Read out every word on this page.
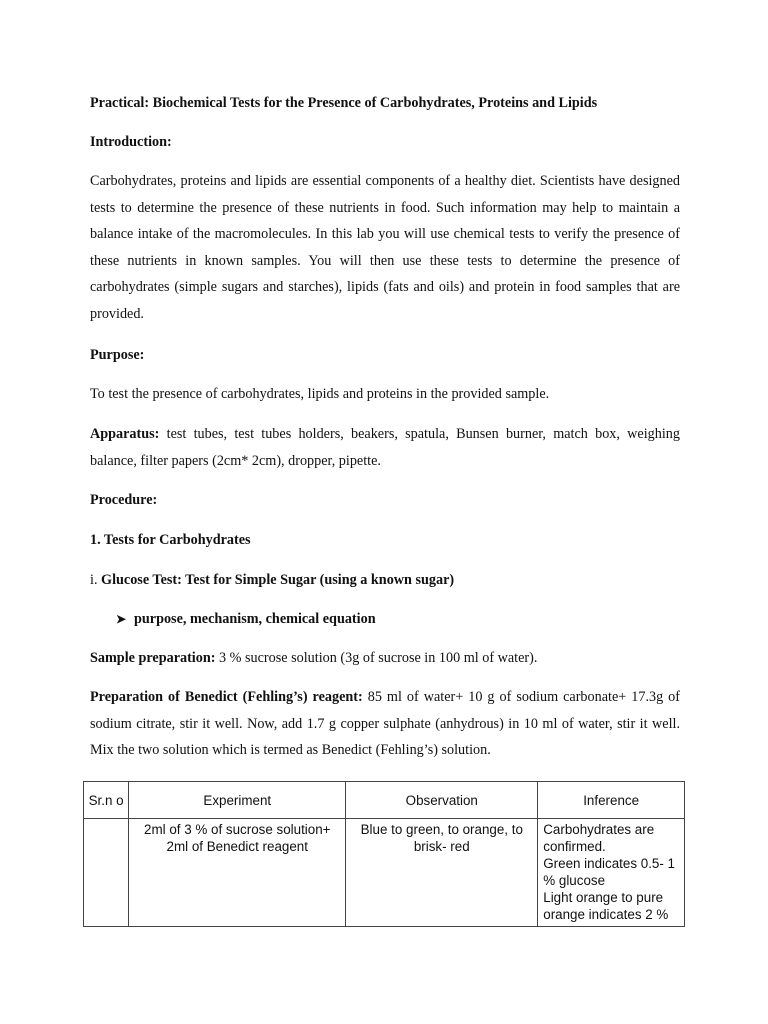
Practical: Biochemical Tests for the Presence of Carbohydrates, Proteins and Lipids
Introduction:
Carbohydrates, proteins and lipids are essential components of a healthy diet. Scientists have designed tests to determine the presence of these nutrients in food. Such information may help to maintain a balance intake of the macromolecules. In this lab you will use chemical tests to verify the presence of these nutrients in known samples. You will then use these tests to determine the presence of carbohydrates (simple sugars and starches), lipids (fats and oils) and protein in food samples that are provided.
Purpose:
To test the presence of carbohydrates, lipids and proteins in the provided sample.
Apparatus: test tubes, test tubes holders, beakers, spatula, Bunsen burner, match box, weighing balance, filter papers (2cm* 2cm), dropper, pipette.
Procedure:
1. Tests for Carbohydrates
i. Glucose Test: Test for Simple Sugar (using a known sugar)
➤ purpose, mechanism, chemical equation
Sample preparation: 3 % sucrose solution (3g of sucrose in 100 ml of water).
Preparation of Benedict (Fehling’s) reagent: 85 ml of water+ 10 g of sodium carbonate+ 17.3g of sodium citrate, stir it well. Now, add 1.7 g copper sulphate (anhydrous) in 10 ml of water, stir it well. Mix the two solution which is termed as Benedict (Fehling’s) solution.
Sr.n o	Experiment	Observation	Inference
	2ml of 3 % of sucrose solution+ 2ml of Benedict reagent	Blue to green, to orange, to brisk- red	Carbohydrates are confirmed.
Green indicates 0.5- 1 % glucose
Light orange to pure orange indicates 2 %
